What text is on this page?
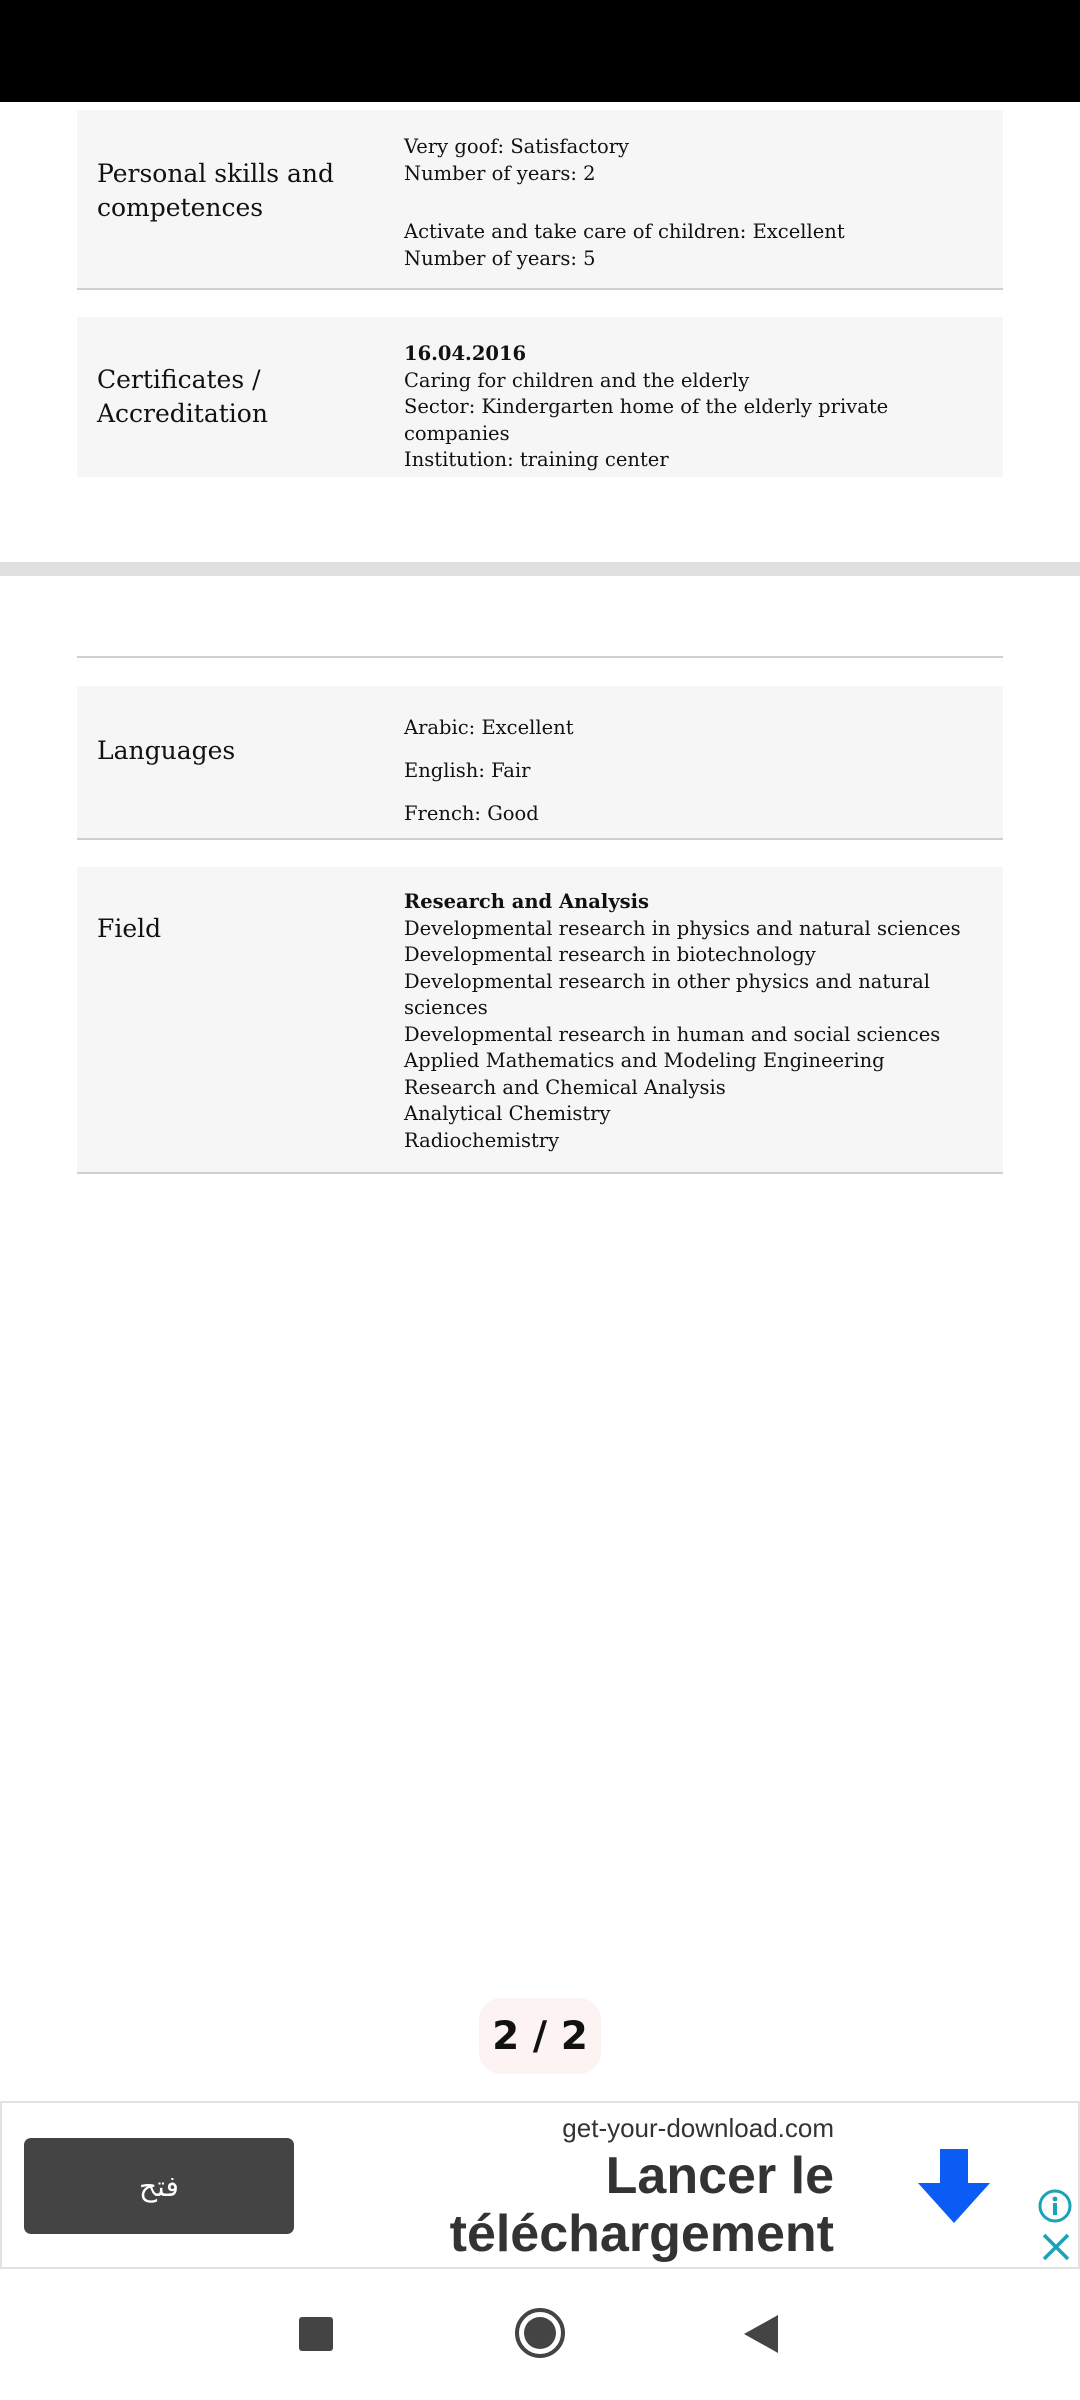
Personal skills and competences
Very goof: Satisfactory
Number of years: 2
Activate and take care of children: Excellent
Number of years: 5
Certificates / Accreditation
16.04.2016
Caring for children and the elderly
Sector: Kindergarten home of the elderly private companies
Institution: training center
Languages
Arabic: Excellent
English: Fair
French: Good
Field
Research and Analysis
Developmental research in physics and natural sciences
Developmental research in biotechnology
Developmental research in other physics and natural sciences
Developmental research in human and social sciences
Applied Mathematics and Modeling Engineering
Research and Chemical Analysis
Analytical Chemistry
Radiochemistry
2 / 2
فتح
get-your-download.com
Lancer le téléchargement
